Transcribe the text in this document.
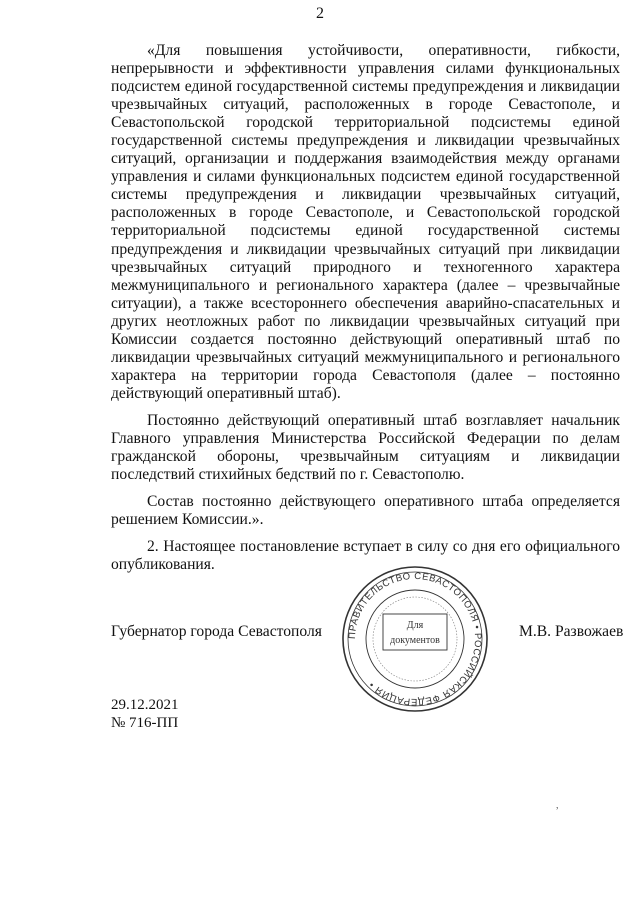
2

«Для повышения устойчивости, оперативности, гибкости, непрерывности и эффективности управления силами функциональных подсистем единой государственной системы предупреждения и ликвидации чрезвычайных ситуаций, расположенных в городе Севастополе, и Севастопольской городской территориальной подсистемы единой государственной системы предупреждения и ликвидации чрезвычайных ситуаций, организации и поддержания взаимодействия между органами управления и силами функциональных подсистем единой государственной системы предупреждения и ликвидации чрезвычайных ситуаций, расположенных в городе Севастополе, и Севастопольской городской территориальной подсистемы единой государственной системы предупреждения и ликвидации чрезвычайных ситуаций при ликвидации чрезвычайных ситуаций природного и техногенного характера межмуниципального и регионального характера (далее – чрезвычайные ситуации), а также всестороннего обеспечения аварийно-спасательных и других неотложных работ по ликвидации чрезвычайных ситуаций при Комиссии создается постоянно действующий оперативный штаб по ликвидации чрезвычайных ситуаций межмуниципального и регионального характера на территории города Севастополя (далее – постоянно действующий оперативный штаб).

Постоянно действующий оперативный штаб возглавляет начальник Главного управления Министерства Российской Федерации по делам гражданской обороны, чрезвычайным ситуациям и ликвидации последствий стихийных бедствий по г. Севастополю.

Состав постоянно действующего оперативного штаба определяется решением Комиссии.».

2. Настоящее постановление вступает в силу со дня его официального опубликования.

Губернатор города Севастополя	ПРАВИТЕЛЬСТВО СЕВАСТОПОЛЯ • РОССИЙСКАЯ ФЕДЕРАЦИЯ •
Для
документов
М.В. Развожаев
29.12.2021
№ 716-ПП
,
